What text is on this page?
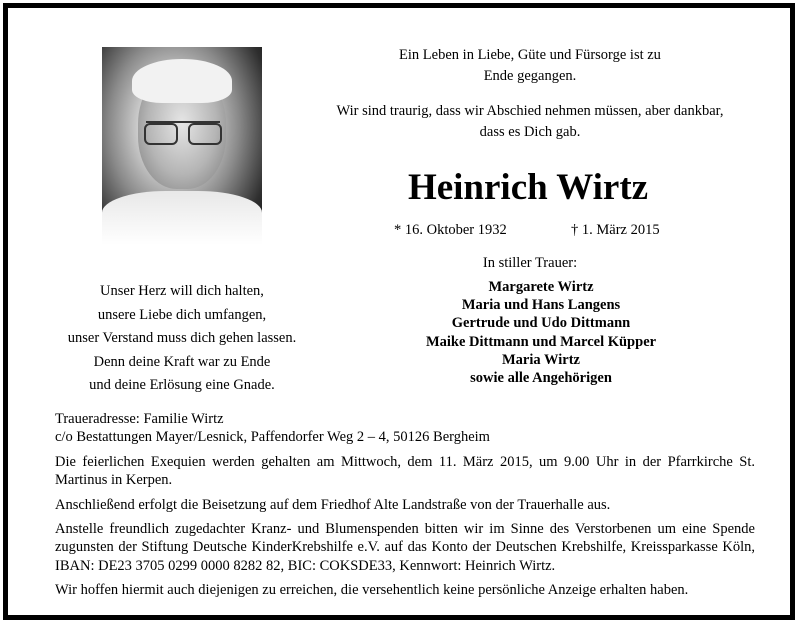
Ein Leben in Liebe, Güte und Fürsorge ist zu
Ende gegangen.
Wir sind traurig, dass wir Abschied nehmen müssen, aber dankbar,
dass es Dich gab.
Heinrich Wirtz
* 16. Oktober 1932	† 1. März 2015
In stiller Trauer:
Margarete Wirtz
Maria und Hans Langens
Gertrude und Udo Dittmann
Maike Dittmann und Marcel Küpper
Maria Wirtz
sowie alle Angehörigen
Unser Herz will dich halten,
unsere Liebe dich umfangen,
unser Verstand muss dich gehen lassen.
Denn deine Kraft war zu Ende
und deine Erlösung eine Gnade.
Traueradresse: Familie Wirtz
c/o Bestattungen Mayer/Lesnick, Paffendorfer Weg 2 – 4, 50126 Bergheim
Die feierlichen Exequien werden gehalten am Mittwoch, dem 11. März 2015, um 9.00 Uhr in der Pfarrkirche St. Martinus in Kerpen.
Anschließend erfolgt die Beisetzung auf dem Friedhof Alte Landstraße von der Trauerhalle aus.
Anstelle freundlich zugedachter Kranz- und Blumenspenden bitten wir im Sinne des Verstorbenen um eine Spende zugunsten der Stiftung Deutsche KinderKrebshilfe e.V. auf das Konto der Deutschen Krebshilfe, Kreissparkasse Köln, IBAN: DE23 3705 0299 0000 8282 82, BIC: COKSDE33, Kennwort: Heinrich Wirtz.
Wir hoffen hiermit auch diejenigen zu erreichen, die versehentlich keine persönliche Anzeige erhalten haben.
